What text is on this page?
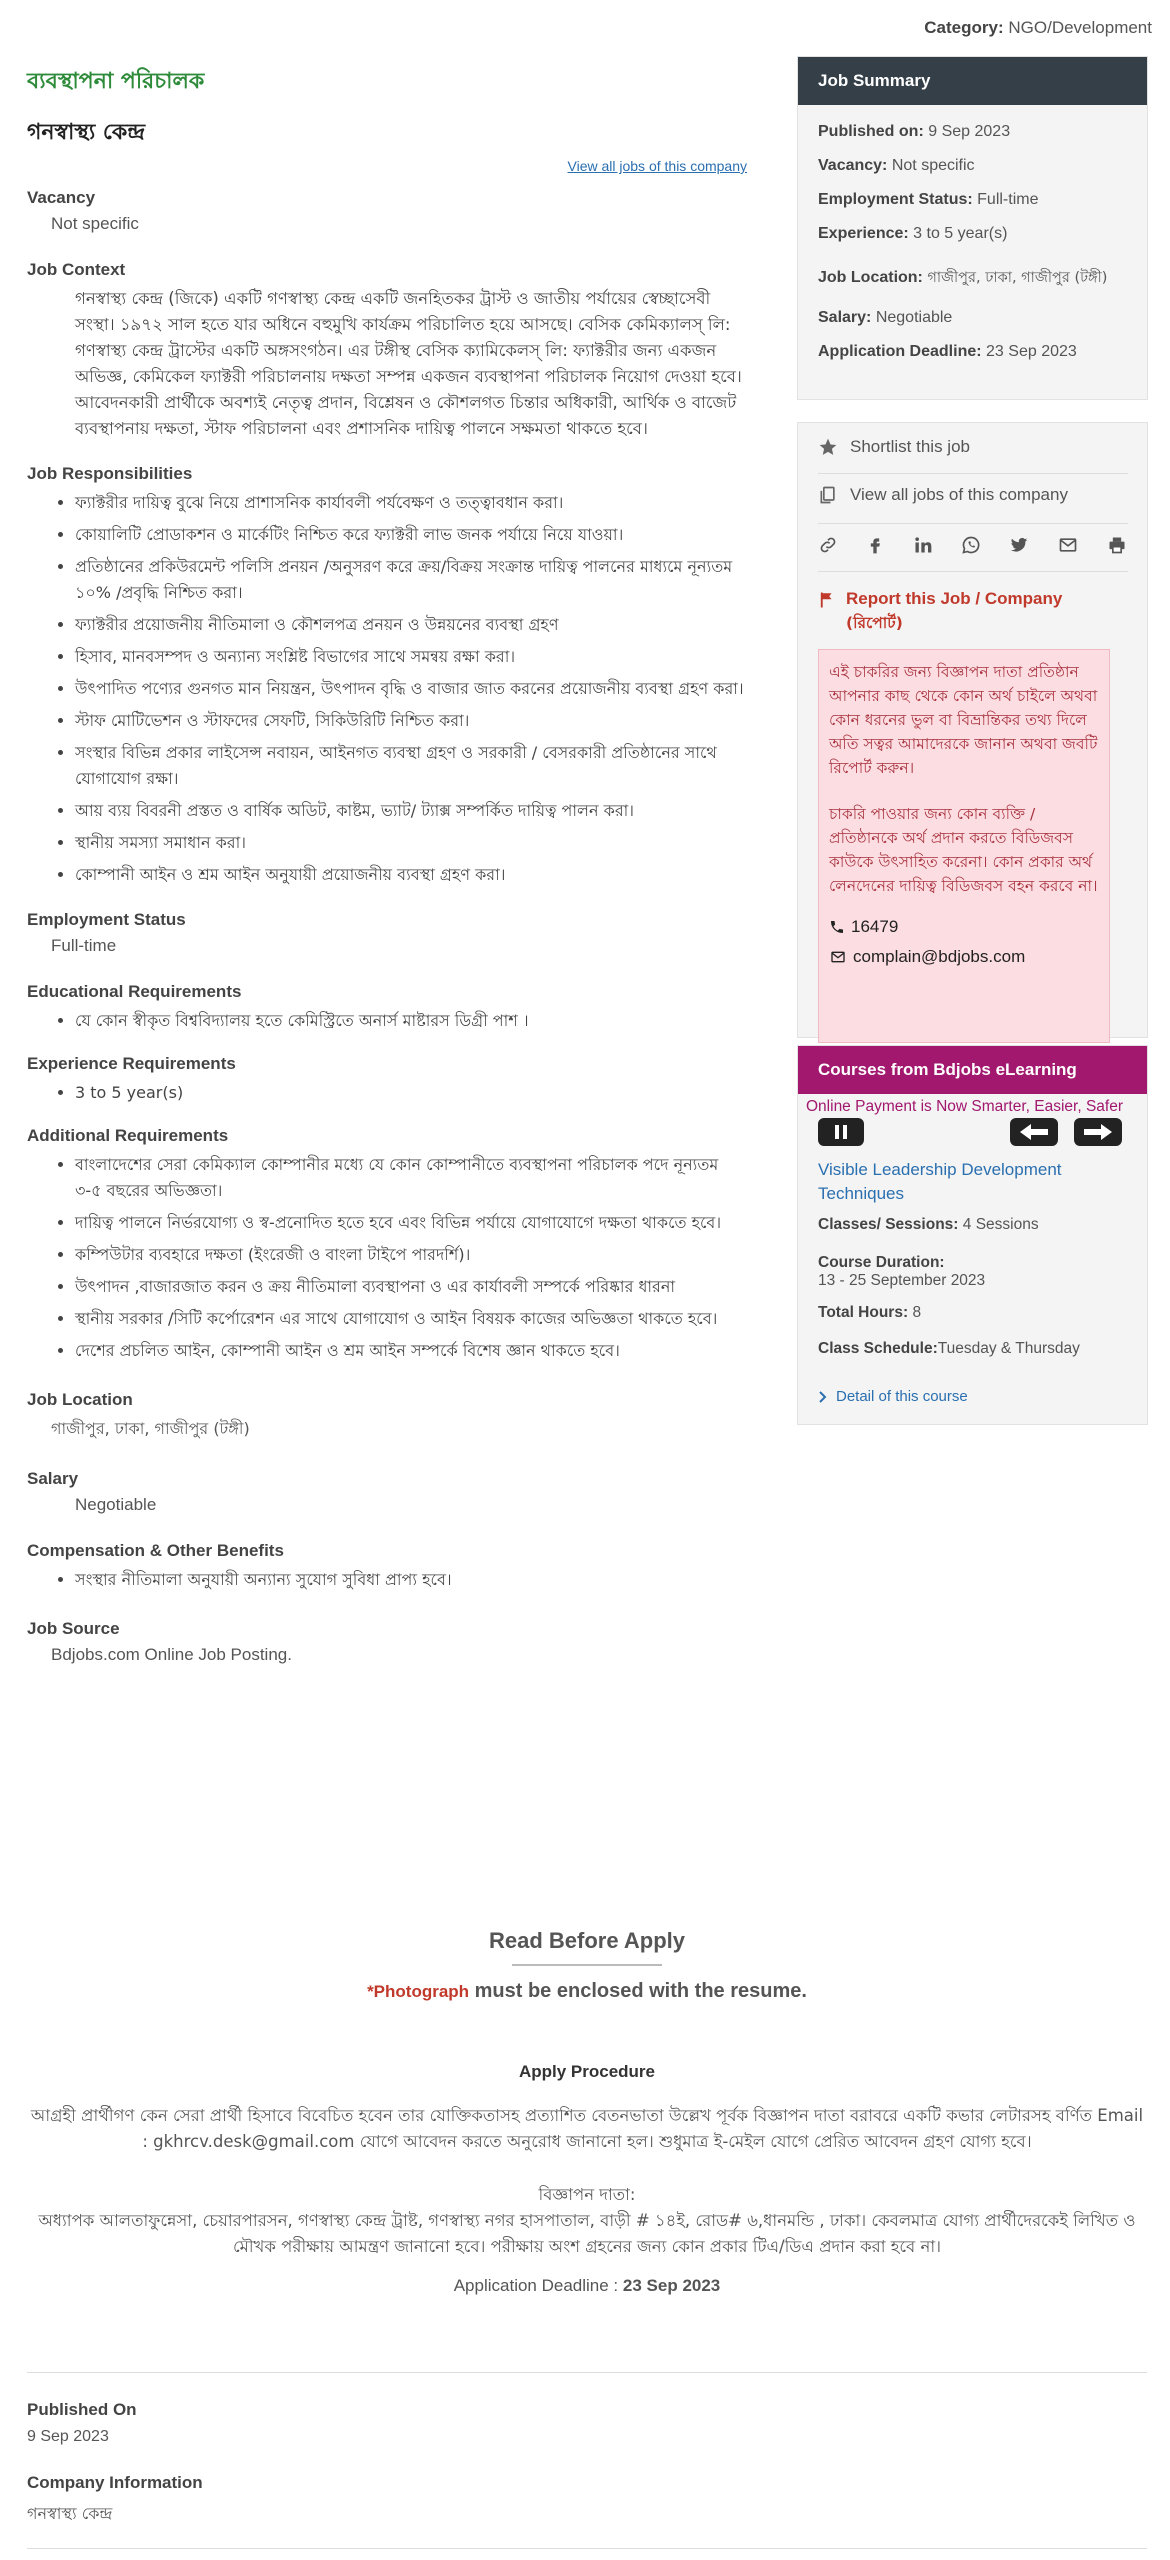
Category: NGO/Development
ব্যবস্থাপনা পরিচালক
গনস্বাস্থ্য কেন্দ্র
View all jobs of this company
Vacancy
Not specific
Job Context
গনস্বাস্থ্য কেন্দ্র (জিকে) একটি গণস্বাস্থ্য কেন্দ্র একটি জনহিতকর ট্রাস্ট ও জাতীয় পর্যায়ের স্বেচ্ছাসেবী সংস্থা। ১৯৭২ সাল হতে যার অধিনে বহুমুখি কার্যক্রম পরিচালিত হয়ে আসছে। বেসিক কেমিক্যালস্ লি: গণস্বাস্থ্য কেন্দ্র ট্রাস্টের একটি অঙ্গসংগঠন। এর টঙ্গীস্থ বেসিক ক্যামিকেলস্ লি: ফ্যাক্টরীর জন্য একজন অভিজ্ঞ, কেমিকেল ফ্যাক্টরী পরিচালনায় দক্ষতা সম্পন্ন একজন ব্যবস্থাপনা পরিচালক নিয়োগ দেওয়া হবে। আবেদনকারী প্রার্থীকে অবশ্যই নেতৃত্ব প্রদান, বিশ্লেষন ও কৌশলগত চিন্তার অধিকারী, আর্থিক ও বাজেট ব্যবস্থাপনায় দক্ষতা, স্টাফ পরিচালনা এবং প্রশাসনিক দায়িত্ব পালনে সক্ষমতা থাকতে হবে।
Job Responsibilities
• ফ্যাক্টরীর দায়িত্ব বুঝে নিয়ে প্রাশাসনিক কার্যাবলী পর্যবেক্ষণ ও তত্ত্বাবধান করা।
• কোয়ালিটি প্রোডাকশন ও মার্কেটিং নিশ্চিত করে ফ্যাক্টরী লাভ জনক পর্যায়ে নিয়ে যাওয়া।
• প্রতিষ্ঠানের প্রকিউরমেন্ট পলিসি প্রনয়ন /অনুসরণ করে ক্রয়/বিক্রয় সংক্রান্ত দায়িত্ব পালনের মাধ্যমে নূন্যতম ১০% /প্রবৃদ্ধি নিশ্চিত করা।
• ফ্যাক্টরীর প্রয়োজনীয় নীতিমালা ও কৌশলপত্র প্রনয়ন ও উন্নয়নের ব্যবস্থা গ্রহণ
• হিসাব, মানবসম্পদ ও অন্যান্য সংশ্লিষ্ট বিভাগের সাথে সমন্বয় রক্ষা করা।
• উৎপাদিত পণ্যের গুনগত মান নিয়ন্ত্রন, উৎপাদন বৃদ্ধি ও বাজার জাত করনের প্রয়োজনীয় ব্যবস্থা গ্রহণ করা।
• স্টাফ মোটিভেশন ও স্টাফদের সেফটি, সিকিউরিটি নিশ্চিত করা।
• সংস্থার বিভিন্ন প্রকার লাইসেন্স নবায়ন, আইনগত ব্যবস্থা গ্রহণ ও সরকারী / বেসরকারী প্রতিষ্ঠানের সাথে যোগাযোগ রক্ষা।
• আয় ব্যয় বিবরনী প্রস্তত ও বার্ষিক অডিট, কাষ্টম, ভ্যাট/ ট্যাক্স সম্পর্কিত দায়িত্ব পালন করা।
• স্থানীয় সমস্যা সমাধান করা।
• কোম্পানী আইন ও শ্রম আইন অনুযায়ী প্রয়োজনীয় ব্যবস্থা গ্রহণ করা।
Employment Status
Full-time
Educational Requirements
• যে কোন স্বীকৃত বিশ্ববিদ্যালয় হতে কেমিস্ট্রিতে অনার্স মাষ্টারস ডিগ্রী পাশ ।
Experience Requirements
• 3 to 5 year(s)
Additional Requirements
• বাংলাদেশের সেরা কেমিক্যাল কোম্পানীর মধ্যে যে কোন কোম্পানীতে ব্যবস্থাপনা পরিচালক পদে নূন্যতম ৩-৫ বছরের অভিজ্ঞতা।
• দায়িত্ব পালনে নির্ভরযোগ্য ও স্ব-প্রনোদিত হতে হবে এবং বিভিন্ন পর্যায়ে যোগাযোগে দক্ষতা থাকতে হবে।
• কম্পিউটার ব্যবহারে দক্ষতা (ইংরেজী ও বাংলা টাইপে পারদর্শি)।
• উৎপাদন ,বাজারজাত করন ও ক্রয় নীতিমালা ব্যবস্থাপনা ও এর কার্যাবলী সম্পর্কে পরিষ্কার ধারনা
• স্থানীয় সরকার /সিটি কর্পোরেশন এর সাথে যোগাযোগ ও আইন বিষয়ক কাজের অভিজ্ঞতা থাকতে হবে।
• দেশের প্রচলিত আইন, কোম্পানী আইন ও শ্রম আইন সম্পর্কে বিশেষ জ্ঞান থাকতে হবে।
Job Location
গাজীপুর, ঢাকা, গাজীপুর (টঙ্গী)
Salary
Negotiable
Compensation & Other Benefits
• সংস্থার নীতিমালা অনুযায়ী অন্যান্য সুযোগ সুবিধা প্রাপ্য হবে।
Job Source
Bdjobs.com Online Job Posting.
Read Before Apply
*Photograph must be enclosed with the resume.
Apply Procedure
আগ্রহী প্রার্থীগণ কেন সেরা প্রার্থী হিসাবে বিবেচিত হবেন তার যোক্তিকতাসহ প্রত্যাশিত বেতনভাতা উল্লেখ পূর্বক বিজ্ঞাপন দাতা বরাবরে একটি কভার লেটারসহ বর্ণিত Email : gkhrcv.desk@gmail.com যোগে আবেদন করতে অনুরোধ জানানো হল। শুধুমাত্র ই-মেইল যোগে প্রেরিত আবেদন গ্রহণ যোগ্য হবে।
বিজ্ঞাপন দাতা:
অধ্যাপক আলতাফুন্নেসা, চেয়ারপারসন, গণস্বাস্থ্য কেন্দ্র ট্রাষ্ট, গণস্বাস্থ্য নগর হাসপাতাল, বাড়ী # ১৪ই, রোড# ৬,ধানমন্ডি , ঢাকা। কেবলমাত্র যোগ্য প্রার্থীদেরকেই লিখিত ও মৌখক পরীক্ষায় আমন্ত্রণ জানানো হবে। পরীক্ষায় অংশ গ্রহনের জন্য কোন প্রকার টিএ/ডিএ প্রদান করা হবে না।
Application Deadline : 23 Sep 2023
Published On
9 Sep 2023
Company Information
গনস্বাস্থ্য কেন্দ্র
Job Summary
Published on: 9 Sep 2023
Vacancy: Not specific
Employment Status: Full-time
Experience: 3 to 5 year(s)
Job Location: গাজীপুর, ঢাকা, গাজীপুর (টঙ্গী)
Salary: Negotiable
Application Deadline: 23 Sep 2023
Shortlist this job
View all jobs of this company
Report this Job / Company
(রিপোর্ট)

এই চাকরির জন্য বিজ্ঞাপন দাতা প্রতিষ্ঠান আপনার কাছ থেকে কোন অর্থ চাইলে অথবা কোন ধরনের ভুল বা বিভ্রান্তিকর তথ্য দিলে অতি সত্বর আমাদেরকে জানান অথবা জবটি রিপোর্ট করুন।

চাকরি পাওয়ার জন্য কোন ব্যক্তি / প্রতিষ্ঠানকে অর্থ প্রদান করতে বিডিজবস কাউকে উৎসাহিত করেনা। কোন প্রকার অর্থ লেনদেনের দায়িত্ব বিডিজবস বহন করবে না।

16479
complain@bdjobs.com
Courses from Bdjobs eLearning
Online Payment is Now Smarter, Easier, Safer
Visible Leadership Development Techniques
Classes/ Sessions: 4 Sessions
Course Duration:
13 - 25 September 2023
Total Hours: 8
Class Schedule:Tuesday & Thursday
Detail of this course
